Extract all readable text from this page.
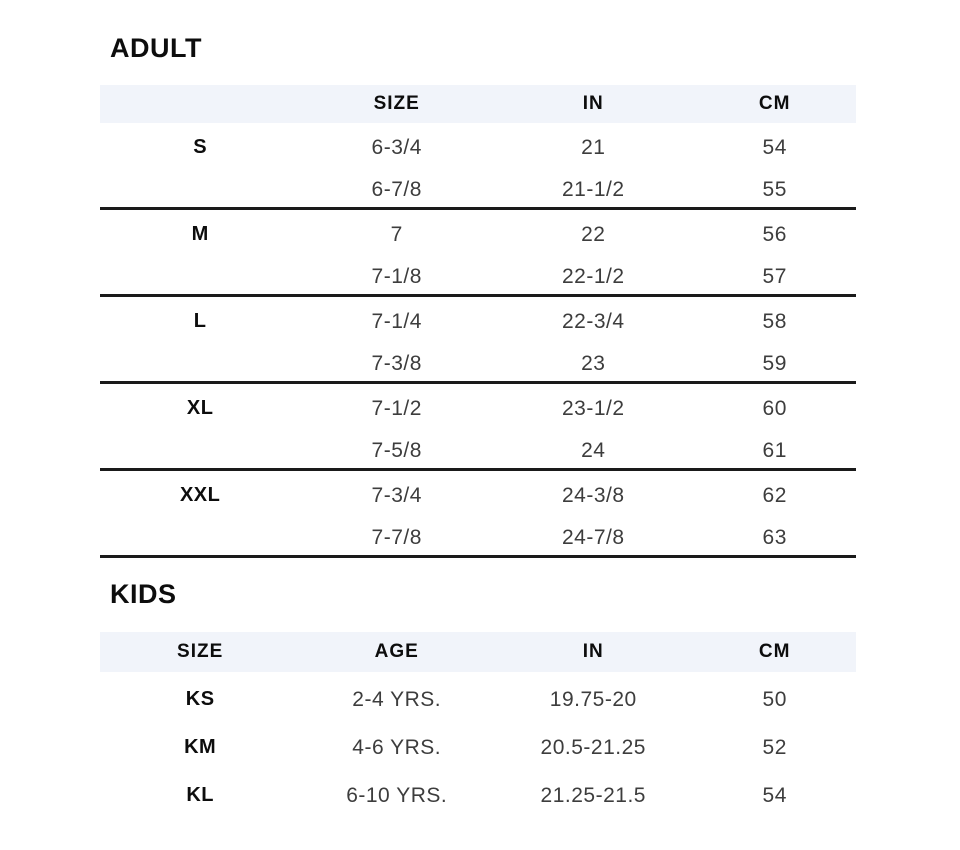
ADULT
	SIZE	IN	CM
S	6-3/4	21	54
	6-7/8	21-1/2	55
M	7	22	56
	7-1/8	22-1/2	57
L	7-1/4	22-3/4	58
	7-3/8	23	59
XL	7-1/2	23-1/2	60
	7-5/8	24	61
XXL	7-3/4	24-3/8	62
	7-7/8	24-7/8	63
KIDS
SIZE	AGE	IN	CM
KS	2-4 YRS.	19.75-20	50
KM	4-6 YRS.	20.5-21.25	52
KL	6-10 YRS.	21.25-21.5	54
